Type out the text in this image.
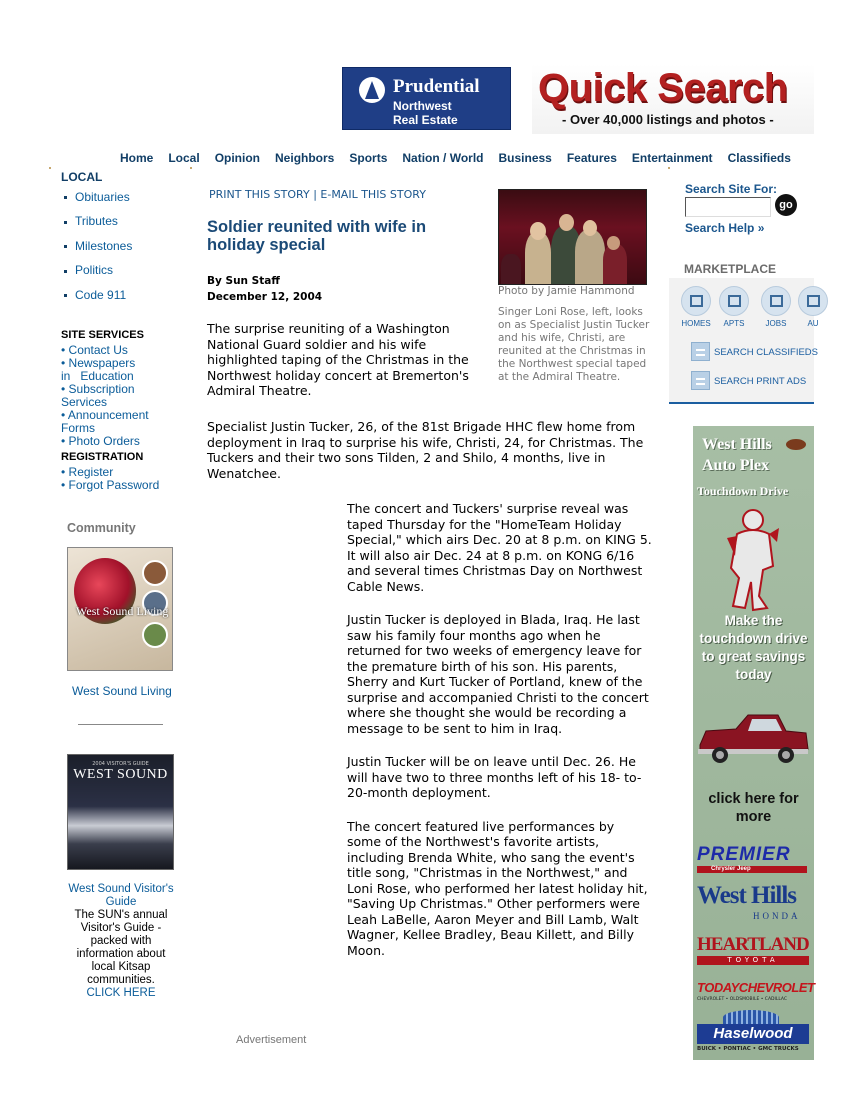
Prudential
Northwest
Real Estate
Quick Search
- Over 40,000 listings and photos -
Home Local Opinion Neighbors Sports Nation / World Business Features Entertainment Classifieds
LOCAL
Obituaries
Tributes
Milestones
Politics
Code 911
SITE SERVICES
• Contact Us
• Newspapers in   Education
• Subscription Services
• Announcement Forms
• Photo Orders
REGISTRATION
• Register
• Forgot Password
Community
West Sound Living
West Sound Living
2004 VISITOR'S GUIDE
WEST SOUND
West Sound Visitor's Guide
The SUN's annual Visitor's Guide - packed with information about local Kitsap communities.
CLICK HERE
PRINT THIS STORY | E-MAIL THIS STORY
Soldier reunited with wife in holiday special
By Sun Staff
December 12, 2004
The surprise reuniting of a Washington National Guard soldier and his wife highlighted taping of the Christmas in the Northwest holiday concert at Bremerton's Admiral Theatre.
Photo by Jamie Hammond
Singer Loni Rose, left, looks on as Specialist Justin Tucker and his wife, Christi, are reunited at the Christmas in the Northwest special taped at the Admiral Theatre.
Specialist Justin Tucker, 26, of the 81st Brigade HHC flew home from deployment in Iraq to surprise his wife, Christi, 24, for Christmas. The Tuckers and their two sons Tilden, 2 and Shilo, 4 months, live in Wenatchee.

The concert and Tuckers' surprise reveal was taped Thursday for the "HomeTeam Holiday Special," which airs Dec. 20 at 8 p.m. on KING 5. It will also air Dec. 24 at 8 p.m. on KONG 6/16 and several times Christmas Day on Northwest Cable News.

Justin Tucker is deployed in Blada, Iraq. He last saw his family four months ago when he returned for two weeks of emergency leave for the premature birth of his son. His parents, Sherry and Kurt Tucker of Portland, knew of the surprise and accompanied Christi to the concert where she thought she would be recording a message to be sent to him in Iraq.

Justin Tucker will be on leave until Dec. 26. He will have two to three months left of his 18- to-20-month deployment.

The concert featured live performances by some of the Northwest's favorite artists, including Brenda White, who sang the event's title song, "Christmas in the Northwest," and Loni Rose, who performed her latest holiday hit, "Saving Up Christmas." Other performers were Leah LaBelle, Aaron Meyer and Bill Lamb, Walt Wagner, Kellee Bradley, Beau Killett, and Billy Moon.

Advertisement
Search Site For:
go
Search Help »
MARKETPLACE
HOMES	APTS	JOBS	AU
SEARCH CLASSIFIEDS
SEARCH PRINT ADS
West Hills Auto Plex
Touchdown Drive
Make the touchdown drive to great savings today
click here for more
PREMIER
Chrysler Jeep
West Hills
HONDA
HEARTLAND
TOYOTA
TODAYCHEVROLET
CHEVROLET • OLDSMOBILE • CADILLAC
Haselwood
BUICK • PONTIAC • GMC TRUCKS
